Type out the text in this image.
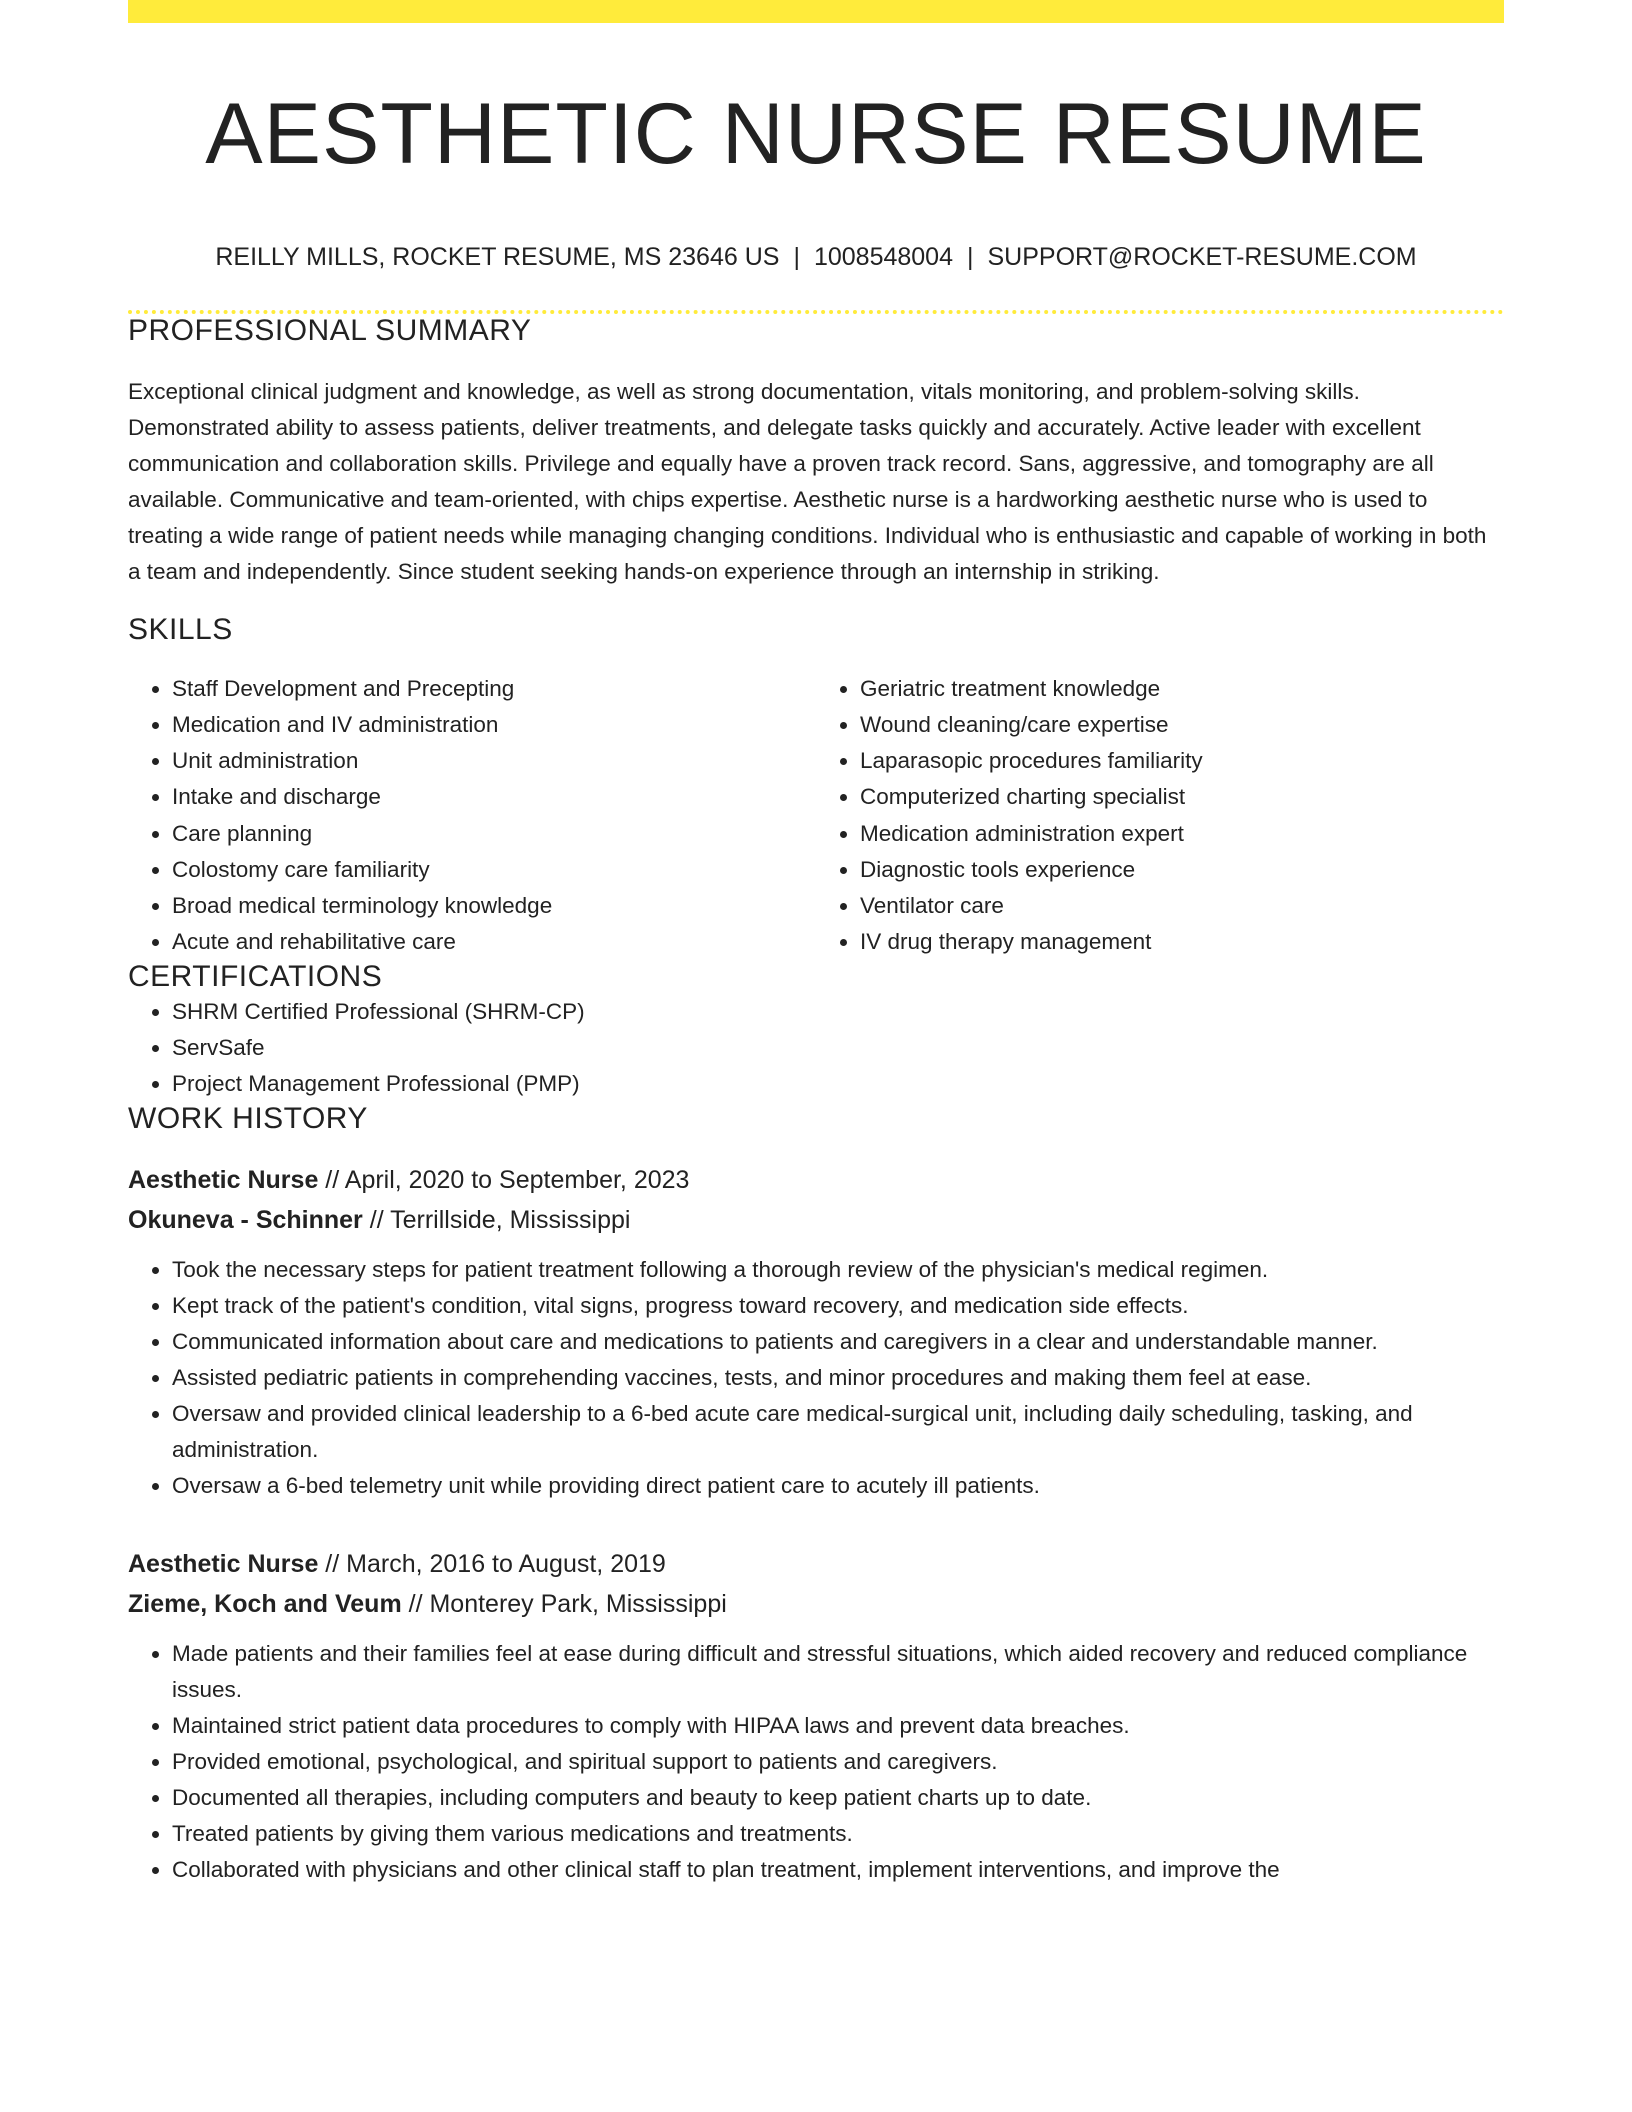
AESTHETIC NURSE RESUME
REILLY MILLS, ROCKET RESUME, MS 23646 US | 1008548004 | SUPPORT@ROCKET-RESUME.COM
PROFESSIONAL SUMMARY

Exceptional clinical judgment and knowledge, as well as strong documentation, vitals monitoring, and problem-solving skills. Demonstrated ability to assess patients, deliver treatments, and delegate tasks quickly and accurately. Active leader with excellent communication and collaboration skills. Privilege and equally have a proven track record. Sans, aggressive, and tomography are all available. Communicative and team-oriented, with chips expertise. Aesthetic nurse is a hardworking aesthetic nurse who is used to treating a wide range of patient needs while managing changing conditions. Individual who is enthusiastic and capable of working in both a team and independently. Since student seeking hands-on experience through an internship in striking.

SKILLS
• Staff Development and Precepting
• Medication and IV administration
• Unit administration
• Intake and discharge
• Care planning
• Colostomy care familiarity
• Broad medical terminology knowledge
• Acute and rehabilitative care
• Geriatric treatment knowledge
• Wound cleaning/care expertise
• Laparasopic procedures familiarity
• Computerized charting specialist
• Medication administration expert
• Diagnostic tools experience
• Ventilator care
• IV drug therapy management
CERTIFICATIONS
• SHRM Certified Professional (SHRM-CP)
• ServSafe
• Project Management Professional (PMP)
WORK HISTORY
Aesthetic Nurse // April, 2020 to September, 2023
Okuneva - Schinner // Terrillside, Mississippi
• Took the necessary steps for patient treatment following a thorough review of the physician's medical regimen.
• Kept track of the patient's condition, vital signs, progress toward recovery, and medication side effects.
• Communicated information about care and medications to patients and caregivers in a clear and understandable manner.
• Assisted pediatric patients in comprehending vaccines, tests, and minor procedures and making them feel at ease.
• Oversaw and provided clinical leadership to a 6-bed acute care medical-surgical unit, including daily scheduling, tasking, and administration.
• Oversaw a 6-bed telemetry unit while providing direct patient care to acutely ill patients.
Aesthetic Nurse // March, 2016 to August, 2019
Zieme, Koch and Veum // Monterey Park, Mississippi
• Made patients and their families feel at ease during difficult and stressful situations, which aided recovery and reduced compliance issues.
• Maintained strict patient data procedures to comply with HIPAA laws and prevent data breaches.
• Provided emotional, psychological, and spiritual support to patients and caregivers.
• Documented all therapies, including computers and beauty to keep patient charts up to date.
• Treated patients by giving them various medications and treatments.
• Collaborated with physicians and other clinical staff to plan treatment, implement interventions, and improve the
